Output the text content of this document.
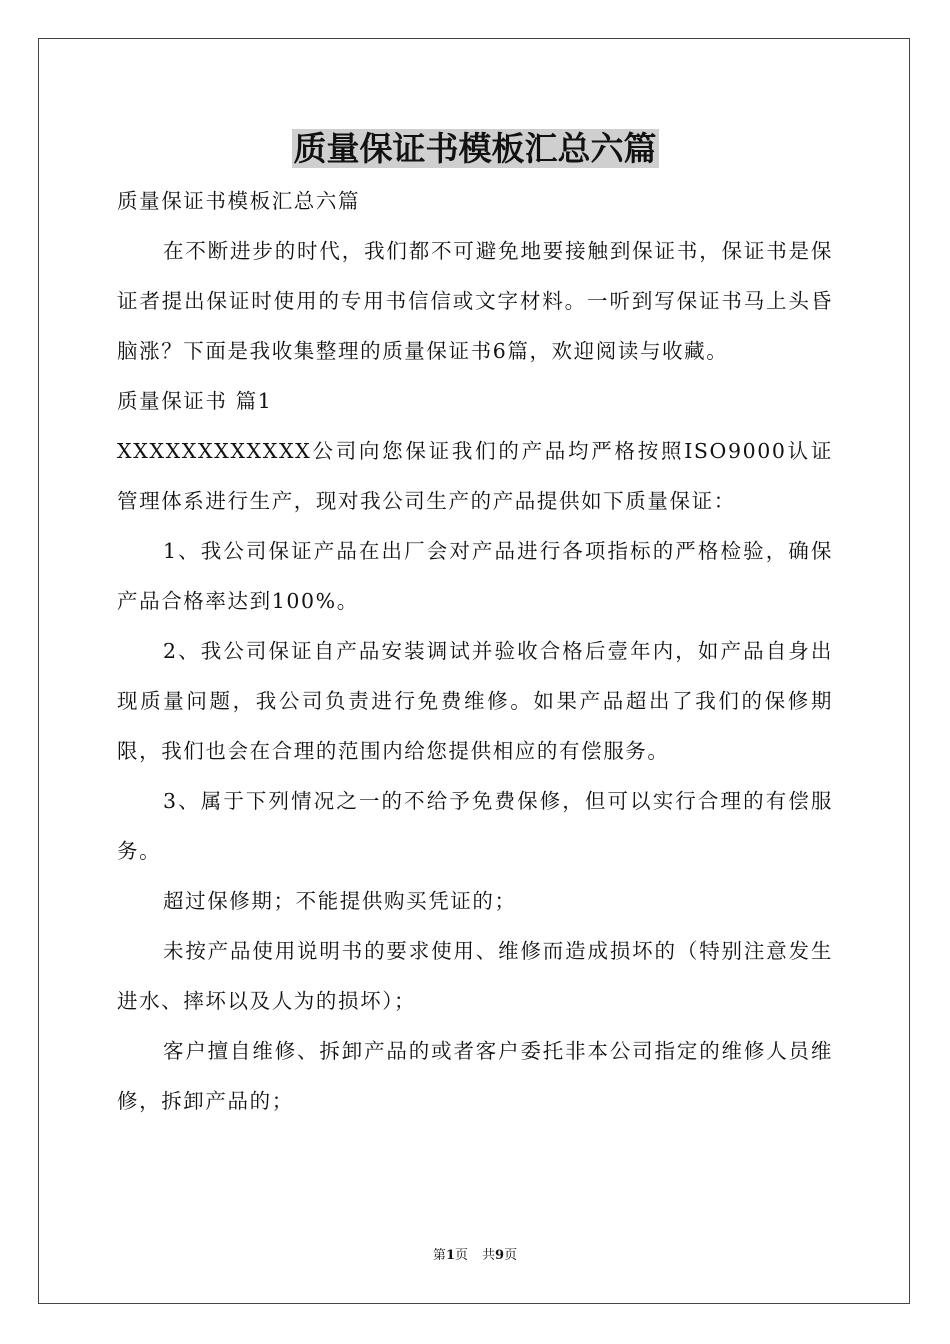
质量保证书模板汇总六篇

质量保证书模板汇总六篇

在不断进步的时代，我们都不可避免地要接触到保证书，保证书是保证者提出保证时使用的专用书信信或文字材料。一听到写保证书马上头昏脑涨？下面是我收集整理的质量保证书6篇，欢迎阅读与收藏。

质量保证书 篇1

XXXXXXXXXXXX公司向您保证我们的产品均严格按照ISO9000认证管理体系进行生产，现对我公司生产的产品提供如下质量保证：

1、我公司保证产品在出厂会对产品进行各项指标的严格检验，确保产品合格率达到100%。

2、我公司保证自产品安装调试并验收合格后壹年内，如产品自身出现质量问题，我公司负责进行免费维修。如果产品超出了我们的保修期限，我们也会在合理的范围内给您提供相应的有偿服务。

3、属于下列情况之一的不给予免费保修，但可以实行合理的有偿服务。

超过保修期；不能提供购买凭证的；

未按产品使用说明书的要求使用、维修而造成损坏的（特别注意发生进水、摔坏以及人为的损坏）；

客户擅自维修、拆卸产品的或者客户委托非本公司指定的维修人员维修，拆卸产品的；

第1页 共9页
